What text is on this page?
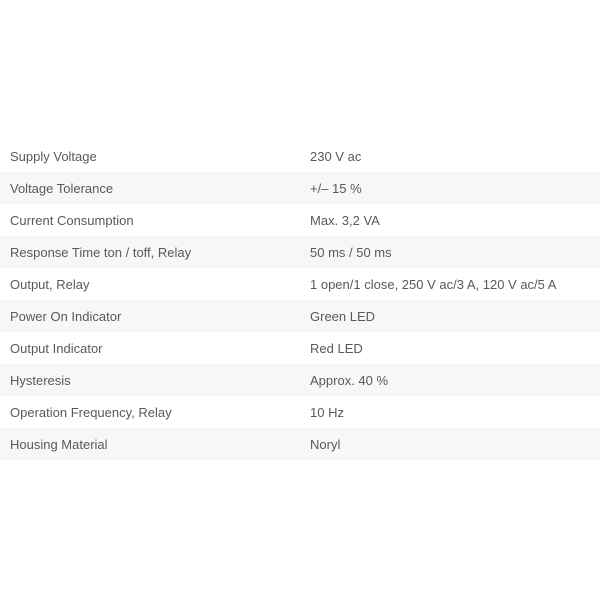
Supply Voltage	230 V ac
Voltage Tolerance	+/– 15 %
Current Consumption	Max. 3,2 VA
Response Time ton / toff, Relay	50 ms / 50 ms
Output, Relay	1 open/1 close, 250 V ac/3 A, 120 V ac/5 A
Power On Indicator	Green LED
Output Indicator	Red LED
Hysteresis	Approx. 40 %
Operation Frequency, Relay	10 Hz
Housing Material	Noryl
